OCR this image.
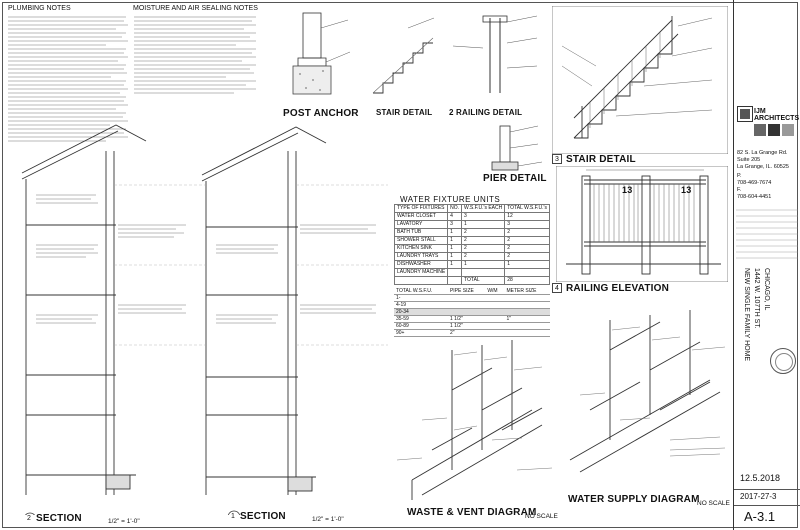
PLUMBING NOTES	MOISTURE AND AIR SEALING NOTES
POST ANCHOR STAIR DETAIL 2 RAILING DETAIL
3 STAIR DETAIL
PIER DETAIL
13	13
4 RAILING ELEVATION
WATER FIXTURE UNITS
TYPE OF FIXTURES	NO.	W.S.F.U.'s EACH	TOTAL W.S.F.U.'s
WATER CLOSET	4	3	12
LAVATORY	3	1	3
BATH TUB	1	2	2
SHOWER STALL	1	2	2
KITCHEN SINK	1	2	2
LAUNDRY TRAYS	1	2	2
DISHWASHER	1	1	1
LAUNDRY MACHINE			
		TOTAL	28
TOTAL W.S.F.U.	PIPE SIZE	W/M	METER SIZE
1-			
4-19			
20-34			
35-59	1 1/2"		1"
60-89	1 1/2"		
90+	2"		
2 SECTION	1/2" = 1'-0"
1 SECTION	1/2" = 1'-0"
WASTE & VENT DIAGRAM
NO SCALE
WATER SUPPLY DIAGRAM
NO SCALE
IJM ARCHITECTS
82 S. La Grange Rd.
Suite 205
La Grange, IL. 60525
P.
708-469-7674
F.
708-604-4451
NEW SINGLE FAMILY HOME 1442 W. 107TH ST. CHICAGO, IL
12.5.2018
2017-27-3
A-3.1
